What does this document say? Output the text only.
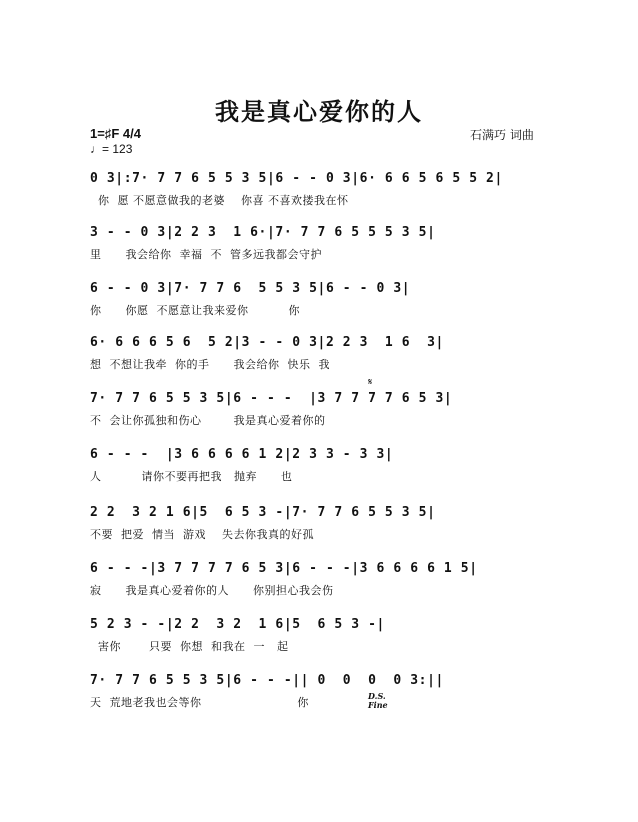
我是真心爱你的人
1=♯F 4/4
♩= 123
石满巧 词曲
𝄋
0 3|:7· 7 7 6 5 5 3 5|6 - - 0 3|6· 6 6 5 6 5 5 2|
你  愿 不愿意做我的老婆    你喜 不喜欢搂我在怀
3 - - 0 3|2 2 3  1 6·|7· 7 7 6 5 5 5 3 5|
里      我会给你  幸福  不  管多远我都会守护
6 - - 0 3|7· 7 7 6  5 5 3 5|6 - - 0 3|
你      你愿  不愿意让我来爱你          你
6· 6 6 6 5 6  5 2|3 - - 0 3|2 2 3  1 6  3|
想  不想让我牵  你的手      我会给你  快乐  我
7· 7 7 6 5 5 3 5|6 - - -  |3 7 7 7 7 6 5 3|
不  会让你孤独和伤心        我是真心爱着你的
6 - - -  |3 6 6 6 6 1 2|2 3 3 - 3 3|
人          请你不要再把我   抛弃      也
2 2  3 2 1 6|5  6 5 3 -|7· 7 7 6 5 5 3 5|
不要  把爱  情当  游戏    失去你我真的好孤
6 - - -|3 7 7 7 7 6 5 3|6 - - -|3 6 6 6 6 1 5|
寂      我是真心爱着你的人      你别担心我会伤
5 2 3 - -|2 2  3 2  1 6|5  6 5 3 -|
害你       只要  你想  和我在  一   起
7· 7 7 6 5 5 3 5|6 - - -|| 0  0  0  0 3:||
天  荒地老我也会等你                        你	D.S.
Fine
